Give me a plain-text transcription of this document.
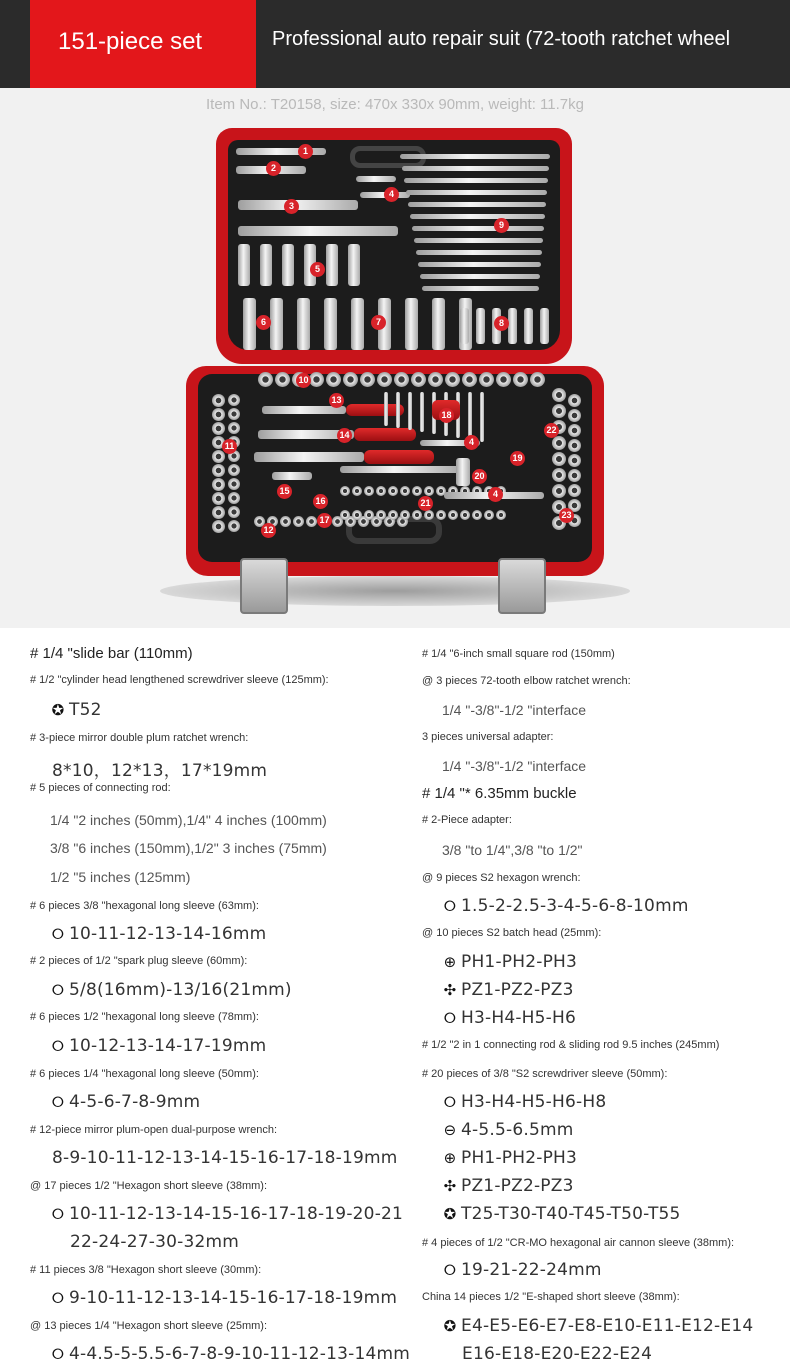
151-piece set	Professional auto repair suit (72-tooth ratchet wheel
Item No.: T20158, size: 470x 330x 90mm, weight: 11.7kg
1
2
3
4
5
6	7	8
9
4
10
11
12
13
14
15
16
17
18
19
20
21
4
22
23
# 1/4 "slide bar (110mm)
# 1/2 "cylinder head lengthened screwdriver sleeve (125mm):
✪ T52
# 3-piece mirror double plum ratchet wrench:
8*10，12*13，17*19mm
# 5 pieces of connecting rod:
1/4 "2 inches (50mm),1/4" 4 inches (100mm)
3/8 "6 inches (150mm),1/2" 3 inches (75mm)
1/2 "5 inches (125mm)
# 6 pieces 3/8 "hexagonal long sleeve (63mm):
⭘ 10-11-12-13-14-16mm
# 2 pieces of 1/2 "spark plug sleeve (60mm):
⭘ 5/8(16mm)-13/16(21mm)
# 6 pieces 1/2 "hexagonal long sleeve (78mm):
⭘ 10-12-13-14-17-19mm
# 6 pieces 1/4 "hexagonal long sleeve (50mm):
⭘ 4-5-6-7-8-9mm
# 12-piece mirror plum-open dual-purpose wrench:
8-9-10-11-12-13-14-15-16-17-18-19mm
@ 17 pieces 1/2 "Hexagon short sleeve (38mm):
⭘ 10-11-12-13-14-15-16-17-18-19-20-21
22-24-27-30-32mm
# 11 pieces 3/8 "Hexagon short sleeve (30mm):
⭘ 9-10-11-12-13-14-15-16-17-18-19mm
@ 13 pieces 1/4 "Hexagon short sleeve (25mm):
⭘ 4-4.5-5-5.5-6-7-8-9-10-11-12-13-14mm
# 1/4 "6-inch small square rod (150mm)
@ 3 pieces 72-tooth elbow ratchet wrench:
1/4 "-3/8"-1/2 "interface
3 pieces universal adapter:
1/4 "-3/8"-1/2 "interface
# 1/4 "* 6.35mm buckle
# 2-Piece adapter:
3/8 "to 1/4",3/8 "to 1/2"
@ 9 pieces S2 hexagon wrench:
⭘ 1.5-2-2.5-3-4-5-6-8-10mm
@ 10 pieces S2 batch head (25mm):
⊕ PH1-PH2-PH3
✣ PZ1-PZ2-PZ3
⭘ H3-H4-H5-H6
# 1/2 "2 in 1 connecting rod & sliding rod 9.5 inches (245mm)
# 20 pieces of 3/8 "S2 screwdriver sleeve (50mm):
⭘ H3-H4-H5-H6-H8
⊖ 4-5.5-6.5mm
⊕ PH1-PH2-PH3
✣ PZ1-PZ2-PZ3
✪ T25-T30-T40-T45-T50-T55
# 4 pieces of 1/2 "CR-MO hexagonal air cannon sleeve (38mm):
⭘ 19-21-22-24mm
China 14 pieces 1/2 "E-shaped short sleeve (38mm):
✪ E4-E5-E6-E7-E8-E10-E11-E12-E14
E16-E18-E20-E22-E24
